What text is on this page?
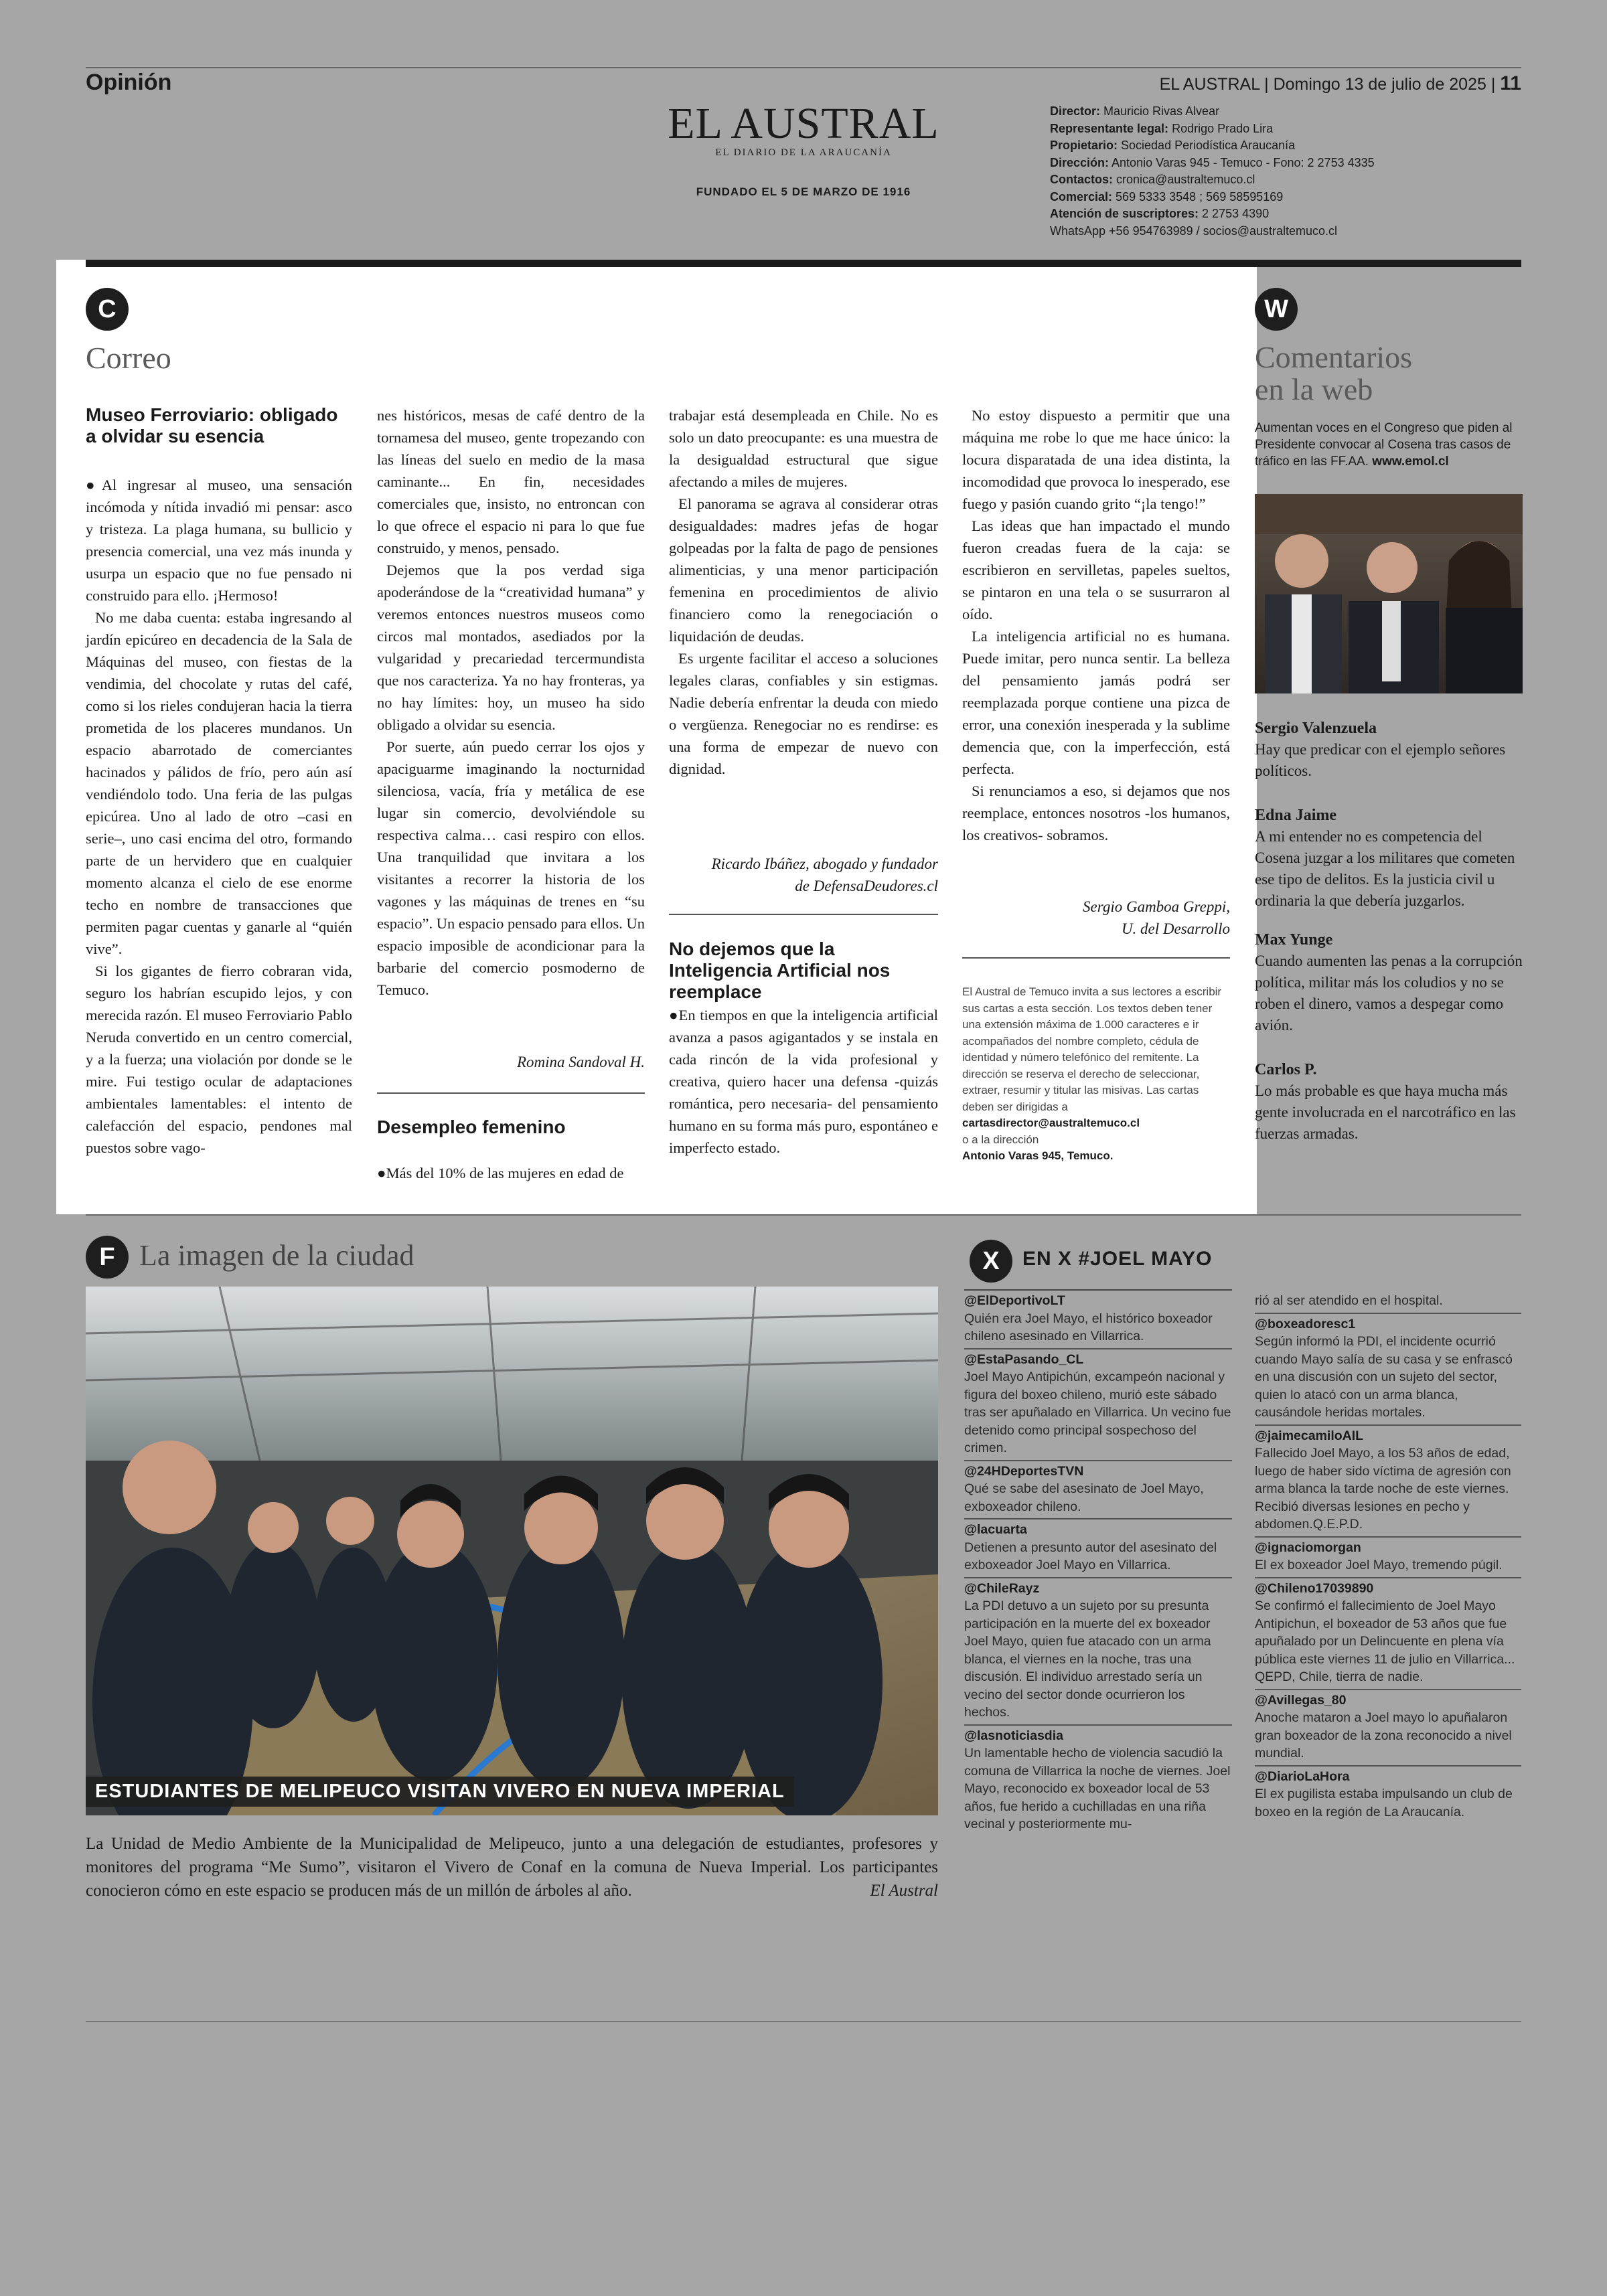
Opinión	EL AUSTRAL | Domingo 13 de julio de 2025 | 11
EL AUSTRAL
EL DIARIO DE LA ARAUCANÍA
FUNDADO EL 5 DE MARZO DE 1916
Director: Mauricio Rivas Alvear
Representante legal: Rodrigo Prado Lira
Propietario: Sociedad Periodística Araucanía
Dirección: Antonio Varas 945 - Temuco - Fono: 2 2753 4335
Contactos: cronica@australtemuco.cl
Comercial: 569 5333 3548 ; 569 58595169
Atención de suscriptores: 2 2753 4390
WhatsApp +56 954763989 / socios@australtemuco.cl
C
Correo

Museo Ferroviario: obligado a olvidar su esencia

●Al ingresar al museo, una sensación incómoda y nítida invadió mi pensar: asco y tristeza. La plaga humana, su bullicio y presencia comercial, una vez más inunda y usurpa un espacio que no fue pensado ni construido para ello. ¡Hermoso!

No me daba cuenta: estaba ingresando al jardín epicúreo en decadencia de la Sala de Máquinas del museo, con fiestas de la vendimia, del chocolate y rutas del café, como si los rieles condujeran hacia la tierra prometida de los placeres mundanos. Un espacio abarrotado de comerciantes hacinados y pálidos de frío, pero aún así vendiéndolo todo. Una feria de las pulgas epicúrea. Uno al lado de otro –casi en serie–, uno casi encima del otro, formando parte de un hervidero que en cualquier momento alcanza el cielo de ese enorme techo en nombre de transacciones que permiten pagar cuentas y ganarle al “quién vive”.

Si los gigantes de fierro cobraran vida, seguro los habrían escupido lejos, y con merecida razón. El museo Ferroviario Pablo Neruda convertido en un centro comercial, y a la fuerza; una violación por donde se le mire. Fui testigo ocular de adaptaciones ambientales lamentables: el intento de calefacción del espacio, pendones mal puestos sobre vago-

nes históricos, mesas de café dentro de la tornamesa del museo, gente tropezando con las líneas del suelo en medio de la masa caminante... En fin, necesidades comerciales que, insisto, no entroncan con lo que ofrece el espacio ni para lo que fue construido, y menos, pensado.

Dejemos que la pos verdad siga apoderándose de la “creatividad humana” y veremos entonces nuestros museos como circos mal montados, asediados por la vulgaridad y precariedad tercermundista que nos caracteriza. Ya no hay fronteras, ya no hay límites: hoy, un museo ha sido obligado a olvidar su esencia.

Por suerte, aún puedo cerrar los ojos y apaciguarme imaginando la nocturnidad silenciosa, vacía, fría y metálica de ese lugar sin comercio, devolviéndole su respectiva calma… casi respiro con ellos. Una tranquilidad que invitara a los visitantes a recorrer la historia de los vagones y las máquinas de trenes en “su espacio”. Un espacio pensado para ellos. Un espacio imposible de acondicionar para la barbarie del comercio posmoderno de Temuco.

Romina Sandoval H.

Desempleo femenino

●Más del 10% de las mujeres en edad de

trabajar está desempleada en Chile. No es solo un dato preocupante: es una muestra de la desigualdad estructural que sigue afectando a miles de mujeres.

El panorama se agrava al considerar otras desigualdades: madres jefas de hogar golpeadas por la falta de pago de pensiones alimenticias, y una menor participación femenina en procedimientos de alivio financiero como la renegociación o liquidación de deudas.

Es urgente facilitar el acceso a soluciones legales claras, confiables y sin estigmas. Nadie debería enfrentar la deuda con miedo o vergüenza. Renegociar no es rendirse: es una forma de empezar de nuevo con dignidad.

Ricardo Ibáñez, abogado y fundador
de DefensaDeudores.cl

No dejemos que la Inteligencia Artificial nos reemplace

●En tiempos en que la inteligencia artificial avanza a pasos agigantados y se instala en cada rincón de la vida profesional y creativa, quiero hacer una defensa -quizás romántica, pero necesaria- del pensamiento humano en su forma más puro, espontáneo e imperfecto estado.

No estoy dispuesto a permitir que una máquina me robe lo que me hace único: la locura disparatada de una idea distinta, la incomodidad que provoca lo inesperado, ese fuego y pasión cuando grito “¡la tengo!”

Las ideas que han impactado el mundo fueron creadas fuera de la caja: se escribieron en servilletas, papeles sueltos, se pintaron en una tela o se susurraron al oído.

La inteligencia artificial no es humana. Puede imitar, pero nunca sentir. La belleza del pensamiento jamás podrá ser reemplazada porque contiene una pizca de error, una conexión inesperada y la sublime demencia que, con la imperfección, está perfecta.

Si renunciamos a eso, si dejamos que nos reemplace, entonces nosotros -los humanos, los creativos- sobramos.

Sergio Gamboa Greppi,
U. del Desarrollo
El Austral de Temuco invita a sus lectores a escribir sus cartas a esta sección. Los textos deben tener una extensión máxima de 1.000 caracteres e ir acompañados del nombre completo, cédula de identidad y número telefónico del remitente. La dirección se reserva el derecho de seleccionar, extraer, resumir y titular las misivas. Las cartas deben ser dirigidas a
cartasdirector@australtemuco.cl
o a la dirección
Antonio Varas 945, Temuco.
W
Comentarios
en la web
Aumentan voces en el Congreso que piden al Presidente convocar al Cosena tras casos de tráfico en las FF.AA. www.emol.cl

Sergio Valenzuela

Hay que predicar con el ejemplo señores políticos.

Edna Jaime

A mi entender no es competencia del Cosena juzgar a los militares que cometen ese tipo de delitos. Es la justicia civil u ordinaria la que debería juzgarlos.

Max Yunge

Cuando aumenten las penas a la corrupción política, militar más los coludios y no se roben el dinero, vamos a despegar como avión.

Carlos P.

Lo más probable es que haya mucha más gente involucrada en el narcotráfico en las fuerzas armadas.

F La imagen de la ciudad
ESTUDIANTES DE MELIPEUCO VISITAN VIVERO EN NUEVA IMPERIAL
La Unidad de Medio Ambiente de la Municipalidad de Melipeuco, junto a una delegación de estudiantes, profesores y monitores del programa “Me Sumo”, visitaron el Vivero de Conaf en la comuna de Nueva Imperial. Los participantes conocieron cómo en este espacio se producen más de un millón de árboles al año.	El Austral
X	EN X #JOEL MAYO
@ElDeportivoLT
Quién era Joel Mayo, el histórico boxeador chileno asesinado en Villarrica.
@EstaPasando_CL
Joel Mayo Antipichún, excampeón nacional y figura del boxeo chileno, murió este sábado tras ser apuñalado en Villarrica. Un vecino fue detenido como principal sospechoso del crimen.
@24HDeportesTVN
Qué se sabe del asesinato de Joel Mayo, exboxeador chileno.
@lacuarta
Detienen a presunto autor del asesinato del exboxeador Joel Mayo en Villarrica.
@ChileRayz
La PDI detuvo a un sujeto por su presunta participación en la muerte del ex boxeador Joel Mayo, quien fue atacado con un arma blanca, el viernes en la noche, tras una discusión. El individuo arrestado sería un vecino del sector donde ocurrieron los hechos.
@lasnoticiasdia
Un lamentable hecho de violencia sacudió la comuna de Villarrica la noche de viernes. Joel Mayo, reconocido ex boxeador local de 53 años, fue herido a cuchilladas en una riña vecinal y posteriormente mu-
rió al ser atendido en el hospital.
@boxeadoresc1
Según informó la PDI, el incidente ocurrió cuando Mayo salía de su casa y se enfrascó en una discusión con un sujeto del sector, quien lo atacó con un arma blanca, causándole heridas mortales.
@jaimecamiloAIL
Fallecido Joel Mayo, a los 53 años de edad, luego de haber sido víctima de agresión con arma blanca la tarde noche de este viernes. Recibió diversas lesiones en pecho y abdomen.Q.E.P.D.
@ignaciomorgan
El ex boxeador Joel Mayo, tremendo púgil.
@Chileno17039890
Se confirmó el fallecimiento de Joel Mayo Antipichun, el boxeador de 53 años que fue apuñalado por un Delincuente en plena vía pública este viernes 11 de julio en Villarrica... QEPD, Chile, tierra de nadie.
@Avillegas_80
Anoche mataron a Joel mayo lo apuñalaron gran boxeador de la zona reconocido a nivel mundial.
@DiarioLaHora
El ex pugilista estaba impulsando un club de boxeo en la región de La Araucanía.
